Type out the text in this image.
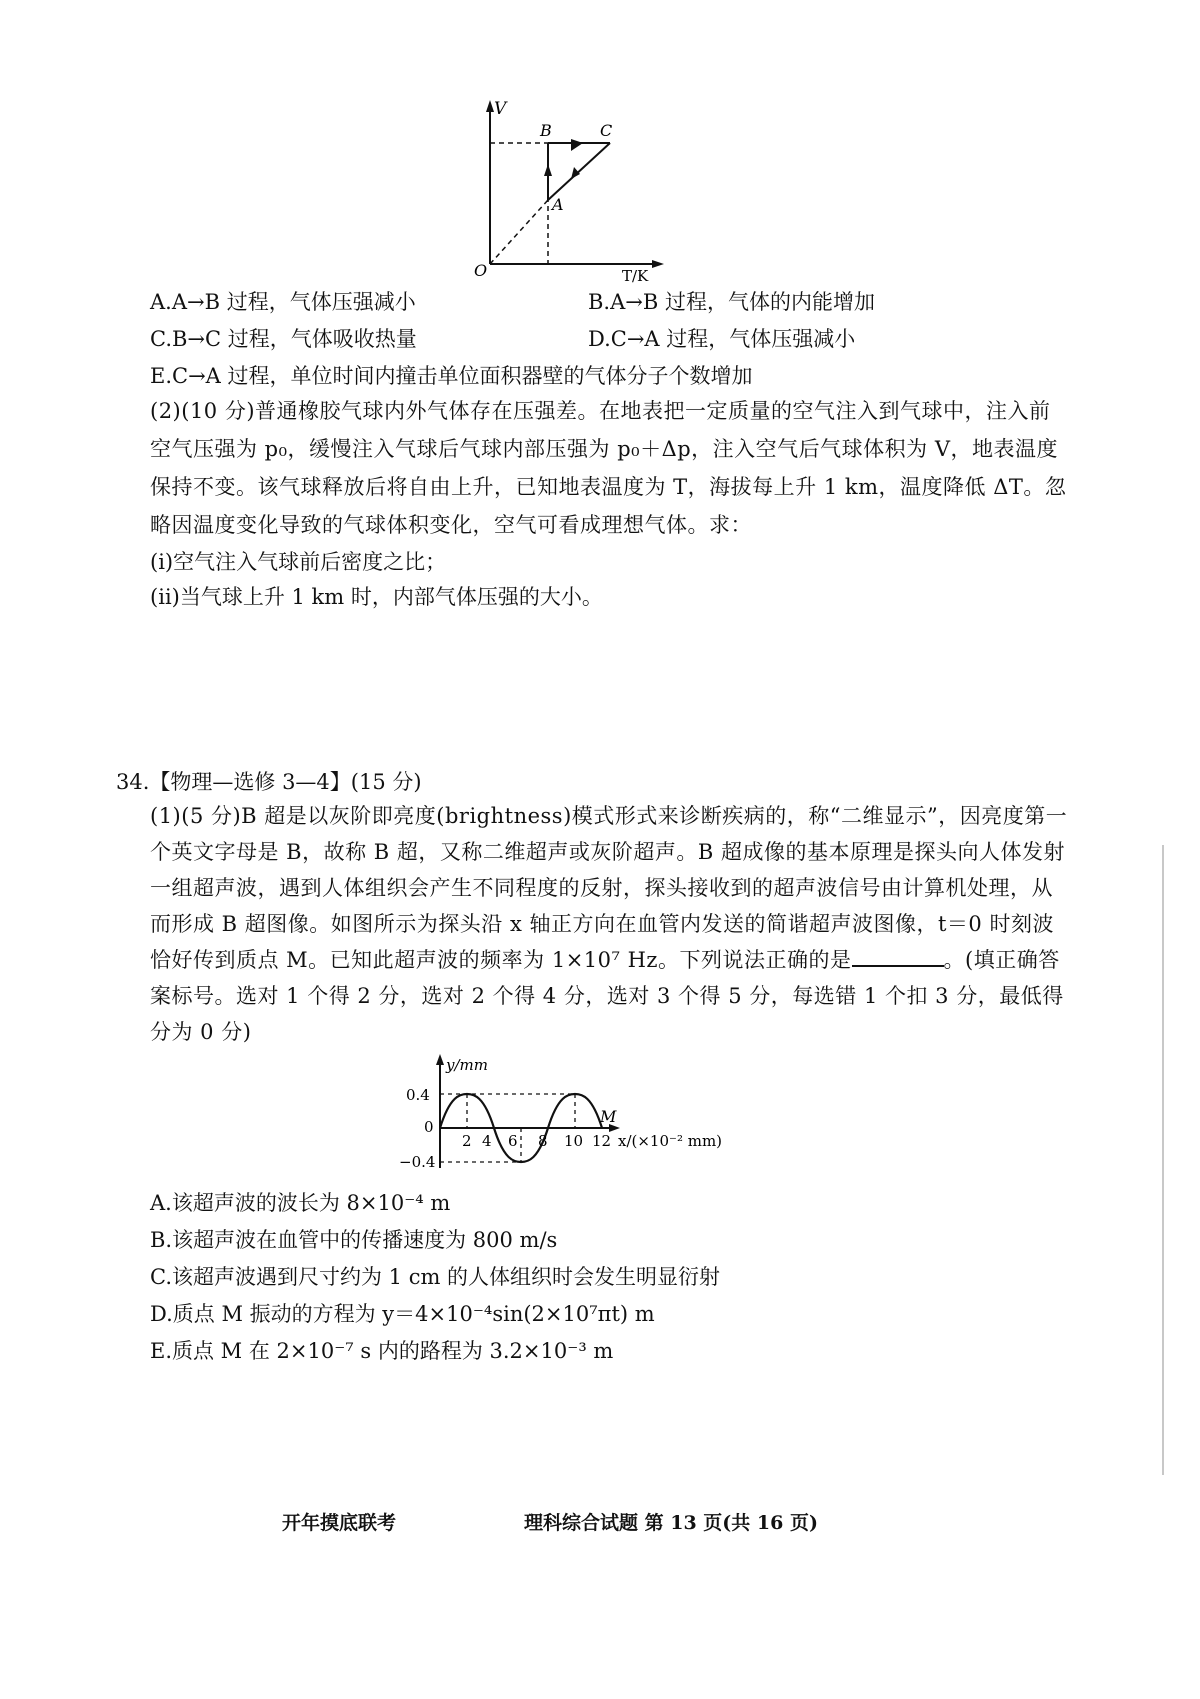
V
T/K
O
A
B	C
A.A→B 过程，气体压强减小	B.A→B 过程，气体的内能增加
C.B→C 过程，气体吸收热量	D.C→A 过程，气体压强减小
E.C→A 过程，单位时间内撞击单位面积器壁的气体分子个数增加
(2)(10 分)普通橡胶气球内外气体存在压强差。在地表把一定质量的空气注入到气球中，注入前空气压强为 p₀，缓慢注入气球后气球内部压强为 p₀＋Δp，注入空气后气球体积为 V，地表温度保持不变。该气球释放后将自由上升，已知地表温度为 T，海拔每上升 1 km，温度降低 ΔT。忽略因温度变化导致的气球体积变化，空气可看成理想气体。求：
(ⅰ)空气注入气球前后密度之比；
(ⅱ)当气球上升 1 km 时，内部气体压强的大小。
34.【物理—选修 3—4】(15 分)
(1)(5 分)B 超是以灰阶即亮度(brightness)模式形式来诊断疾病的，称“二维显示”，因亮度第一个英文字母是 B，故称 B 超，又称二维超声或灰阶超声。B 超成像的基本原理是探头向人体发射一组超声波，遇到人体组织会产生不同程度的反射，探头接收到的超声波信号由计算机处理，从而形成 B 超图像。如图所示为探头沿 x 轴正方向在血管内发送的简谐超声波图像，t＝0 时刻波恰好传到质点 M。已知此超声波的频率为 1×10⁷ Hz。下列说法正确的是	。(填正确答案标号。选对 1 个得 2 分，选对 2 个得 4 分，选对 3 个得 5 分，每选错 1 个扣 3 分，最低得分为 0 分)
y/mm
0.4
0
−0.4
2 4 6 8 10 12
M
x/(×10⁻² mm)
A.该超声波的波长为 8×10⁻⁴ m
B.该超声波在血管中的传播速度为 800 m/s
C.该超声波遇到尺寸约为 1 cm 的人体组织时会发生明显衍射
D.质点 M 振动的方程为 y＝4×10⁻⁴sin(2×10⁷πt) m
E.质点 M 在 2×10⁻⁷ s 内的路程为 3.2×10⁻³ m
开年摸底联考	理科综合试题 第 13 页(共 16 页)
